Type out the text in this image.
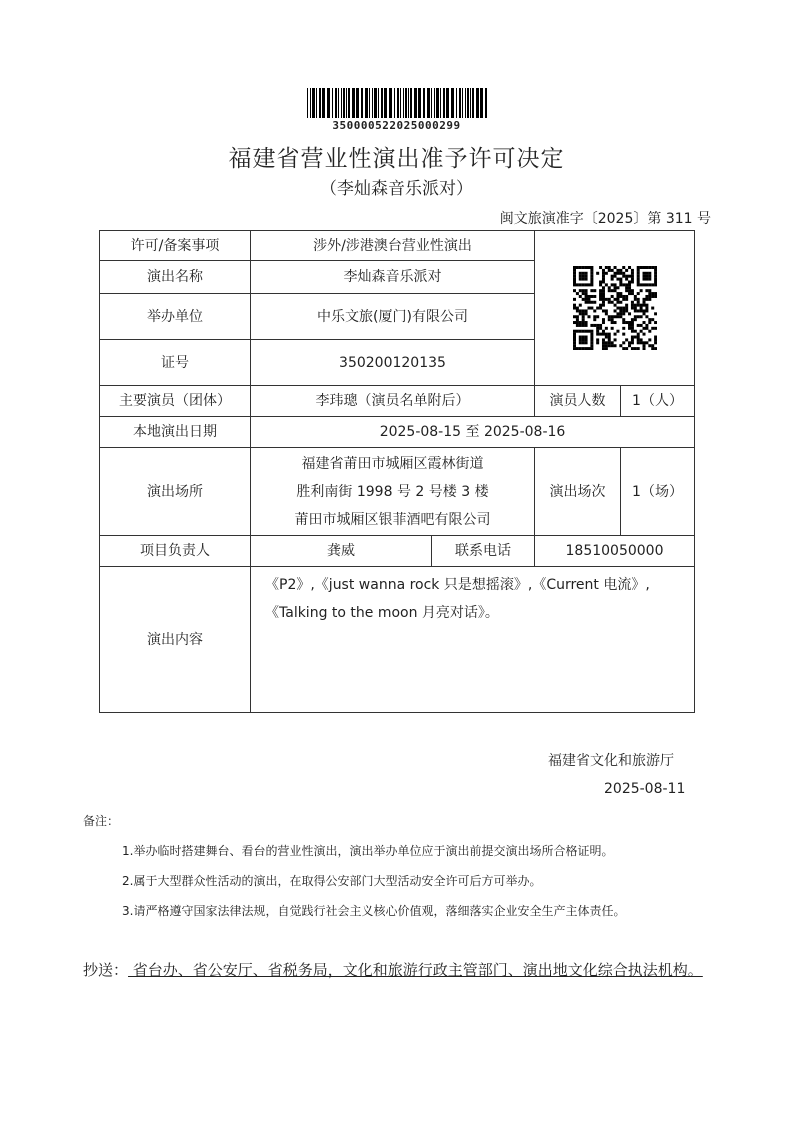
350000522025000299
福建省营业性演出准予许可决定
（李灿森音乐派对）
闽文旅演准字〔2025〕第 311 号
许可/备案事项	涉外/涉港澳台营业性演出	

演出名称	李灿森音乐派对			
举办单位	中乐文旅(厦门)有限公司			
证号	350200120135			
主要演员（团体）	李玮璁（演员名单附后）		演员人数	1（人）
本地演出日期	2025-08-15 至 2025-08-16			
演出场所	福建省莆田市城厢区霞林街道
胜利南街 1998 号 2 号楼 3 楼
莆田市城厢区银菲酒吧有限公司		演出场次	1（场）
项目负责人	龚威	联系电话	18510050000	
演出内容	《P2》,《just wanna rock 只是想摇滚》,《Current 电流》,
《Talking to the moon 月亮对话》。			
福建省文化和旅游厅
2025-08-11
备注：
1.举办临时搭建舞台、看台的营业性演出，演出举办单位应于演出前提交演出场所合格证明。
2.属于大型群众性活动的演出，在取得公安部门大型活动安全许可后方可举办。
3.请严格遵守国家法律法规，自觉践行社会主义核心价值观，落细落实企业安全生产主体责任。
抄送： 省台办、省公安厅、省税务局，文化和旅游行政主管部门、演出地文化综合执法机构。
